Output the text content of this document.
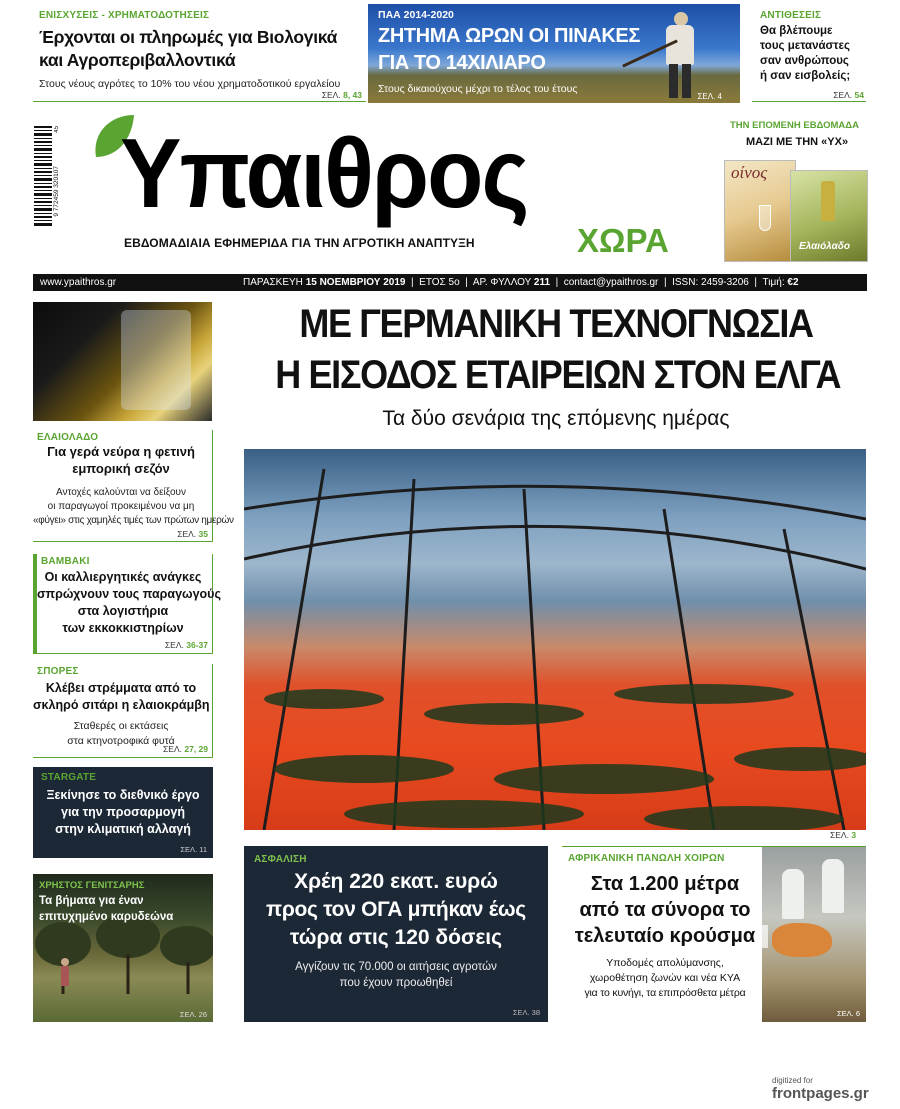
ΕΝΙΣΧΥΣΕΙΣ - ΧΡΗΜΑΤΟΔΟΤΗΣΕΙΣ
Έρχονται οι πληρωμές για Βιολογικά
και Αγροπεριβαλλοντικά
Στους νέους αγρότες το 10% του νέου χρηματοδοτικού εργαλείου
ΣΕΛ. 8, 43
ΠΑΑ 2014-2020
ΖΗΤΗΜΑ ΩΡΩΝ ΟΙ ΠΙΝΑΚΕΣ
ΓΙΑ ΤΟ 14ΧΙΛΙΑΡΟ
Στους δικαιούχους μέχρι το τέλος του έτους
ΣΕΛ. 4
ΑΝΤΙΘΕΣΕΙΣ
Θα βλέπουμε
τους μετανάστες
σαν ανθρώπους
ή σαν εισβολείς;
ΣΕΛ. 54
45
9 772459 320107 Υπαιθρος
ΧΩΡΑ
ΕΒΔΟΜΑΔΙΑΙΑ ΕΦΗΜΕΡΙΔΑ ΓΙΑ ΤΗΝ ΑΓΡΟΤΙΚΗ ΑΝΑΠΤΥΞΗ
ΤΗΝ ΕΠΟΜΕΝΗ ΕΒΔΟΜΑΔΑ
ΜΑΖΙ ΜΕ ΤΗΝ «ΥΧ»
οίνος
Ελαιόλαδο
www.ypaithros.gr	ΠΑΡΑΣΚΕΥΗ 15 ΝΟΕΜΒΡΙΟΥ 2019  |  ΕΤΟΣ 5ο  |  ΑΡ. ΦΥΛΛΟΥ 211  |  contact@ypaithros.gr  |  ISSN: 2459-3206  |  Τιμή: €2
ΜΕ ΓΕΡΜΑΝΙΚΗ ΤΕΧΝΟΓΝΩΣΙΑ
Η ΕΙΣΟΔΟΣ ΕΤΑΙΡΕΙΩΝ ΣΤΟΝ ΕΛΓΑ
Τα δύο σενάρια της επόμενης ημέρας
ΣΕΛ. 3
ΕΛΑΙΟΛΑΔΟ
Για γερά νεύρα η φετινή
εμπορική σεζόν
Αντοχές καλούνται να δείξουν
οι παραγωγοί προκειμένου να μη
«φύγει» στις χαμηλές τιμές των πρώτων ημερών
ΣΕΛ. 35
ΒΑΜΒΑΚΙ
Οι καλλιεργητικές ανάγκες
σπρώχνουν τους παραγωγούς
στα λογιστήρια
των εκκοκκιστηρίων
ΣΕΛ. 36-37
ΣΠΟΡΕΣ
Κλέβει στρέμματα από το
σκληρό σιτάρι η ελαιοκράμβη
Σταθερές οι εκτάσεις
στα κτηνοτροφικά φυτά
ΣΕΛ. 27, 29
STARGATE
Ξεκίνησε το διεθνικό έργο
για την προσαρμογή
στην κλιματική αλλαγή
ΣΕΛ. 11
ΧΡΗΣΤΟΣ ΓΕΝΙΤΣΑΡΗΣ
Τα βήματα για έναν
επιτυχημένο καρυδεώνα
ΣΕΛ. 26
ΑΣΦΑΛΙΣΗ
Χρέη 220 εκατ. ευρώ
προς τον ΟΓΑ μπήκαν έως
τώρα στις 120 δόσεις
Αγγίζουν τις 70.000 οι αιτήσεις αγροτών
που έχουν προωθηθεί
ΣΕΛ. 38
ΑΦΡΙΚΑΝΙΚΗ ΠΑΝΩΛΗ ΧΟΙΡΩΝ
Στα 1.200 μέτρα
από τα σύνορα το
τελευταίο κρούσμα
Υποδομές απολύμανσης,
χωροθέτηση ζωνών και νέα ΚΥΑ
για το κυνήγι, τα επιπρόσθετα μέτρα
ΣΕΛ. 6
digitized for
frontpages.gr
